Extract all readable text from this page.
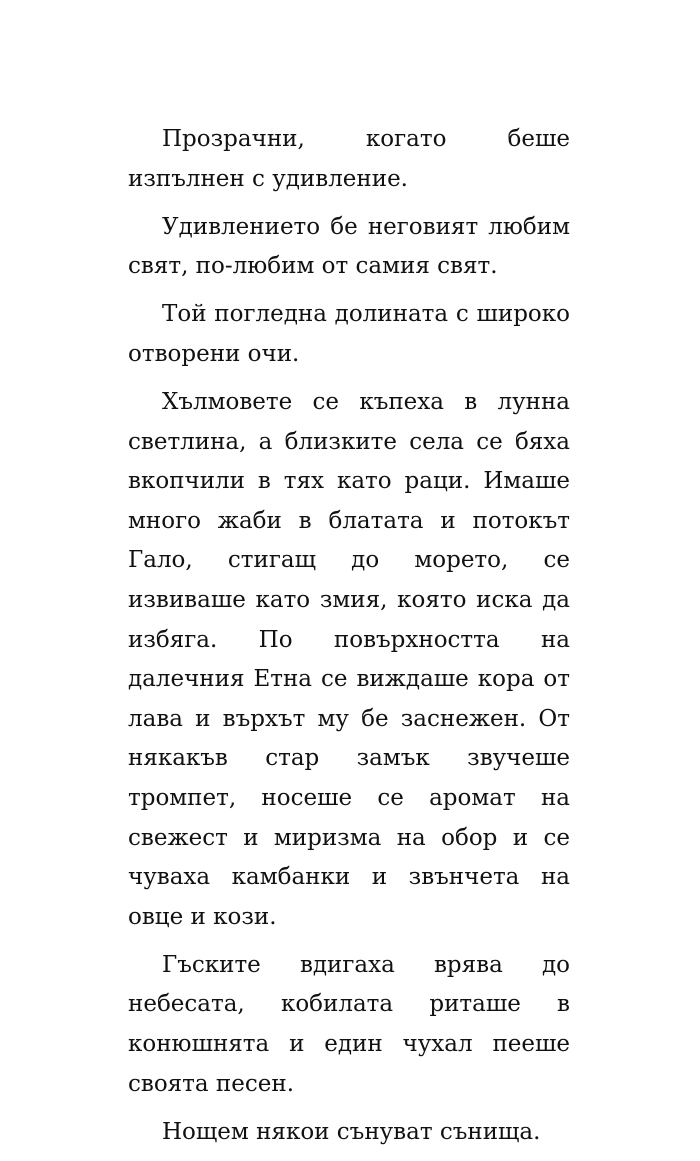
Прозрачни, когато беше изпълнен с удивление.

Удивлението бе неговият любим свят, по-любим от самия свят.

Той погледна долината с широко отворени очи.

Хълмовете се къпеха в лунна светлина, а близките села се бяха вкопчили в тях като раци. Имаше много жаби в блатата и потокът Гало, стигащ до морето, се извиваше като змия, която иска да избяга. По повърхността на далечния Етна се виждаше кора от лава и върхът му бе заснежен. От някакъв стар замък звучеше тромпет, носеше се аромат на свежест и миризма на обор и се чуваха камбанки и звънчета на овце и кози.

Гъските вдигаха врява до небесата, кобилата риташе в конюшнята и един чухал пееше своята песен.

Нощем някои сънуват сънища.
